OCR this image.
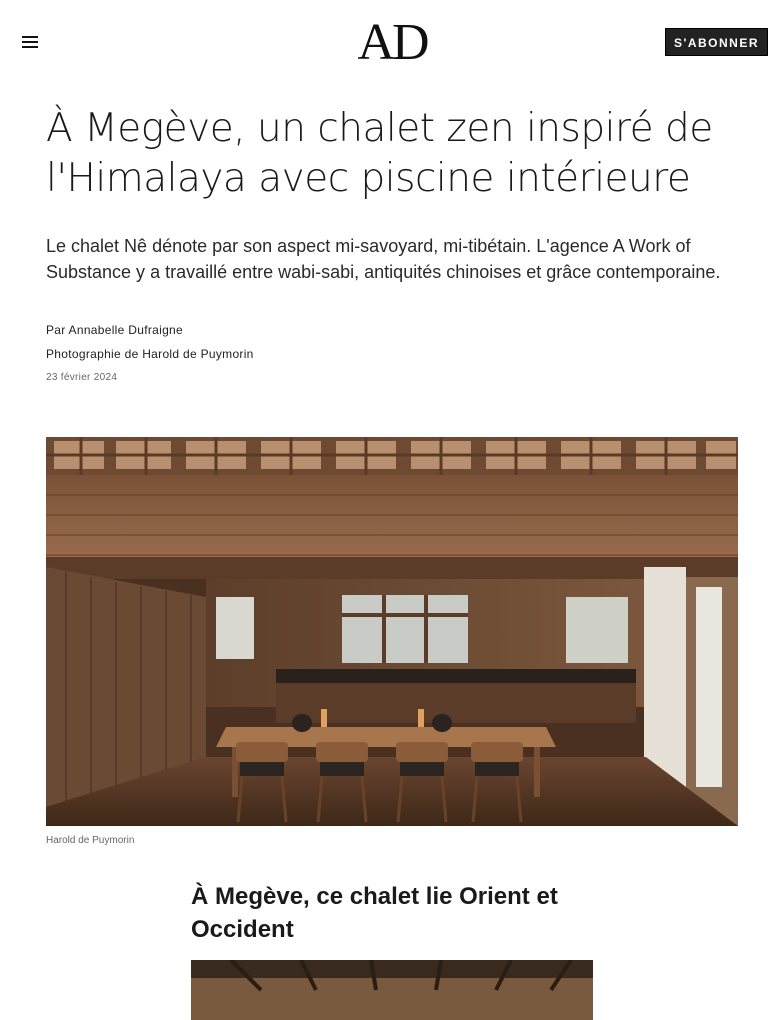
AD	S'ABONNER
À Megève, un chalet zen inspiré de l'Himalaya avec piscine intérieure

Le chalet Nê dénote par son aspect mi-savoyard, mi-tibétain. L'agence A Work of Substance y a travaillé entre wabi-sabi, antiquités chinoises et grâce contemporaine.

Par Annabelle Dufraigne
Photographie de Harold de Puymorin
23 février 2024
Harold de Puymorin
À Megève, ce chalet lie Orient et Occident
